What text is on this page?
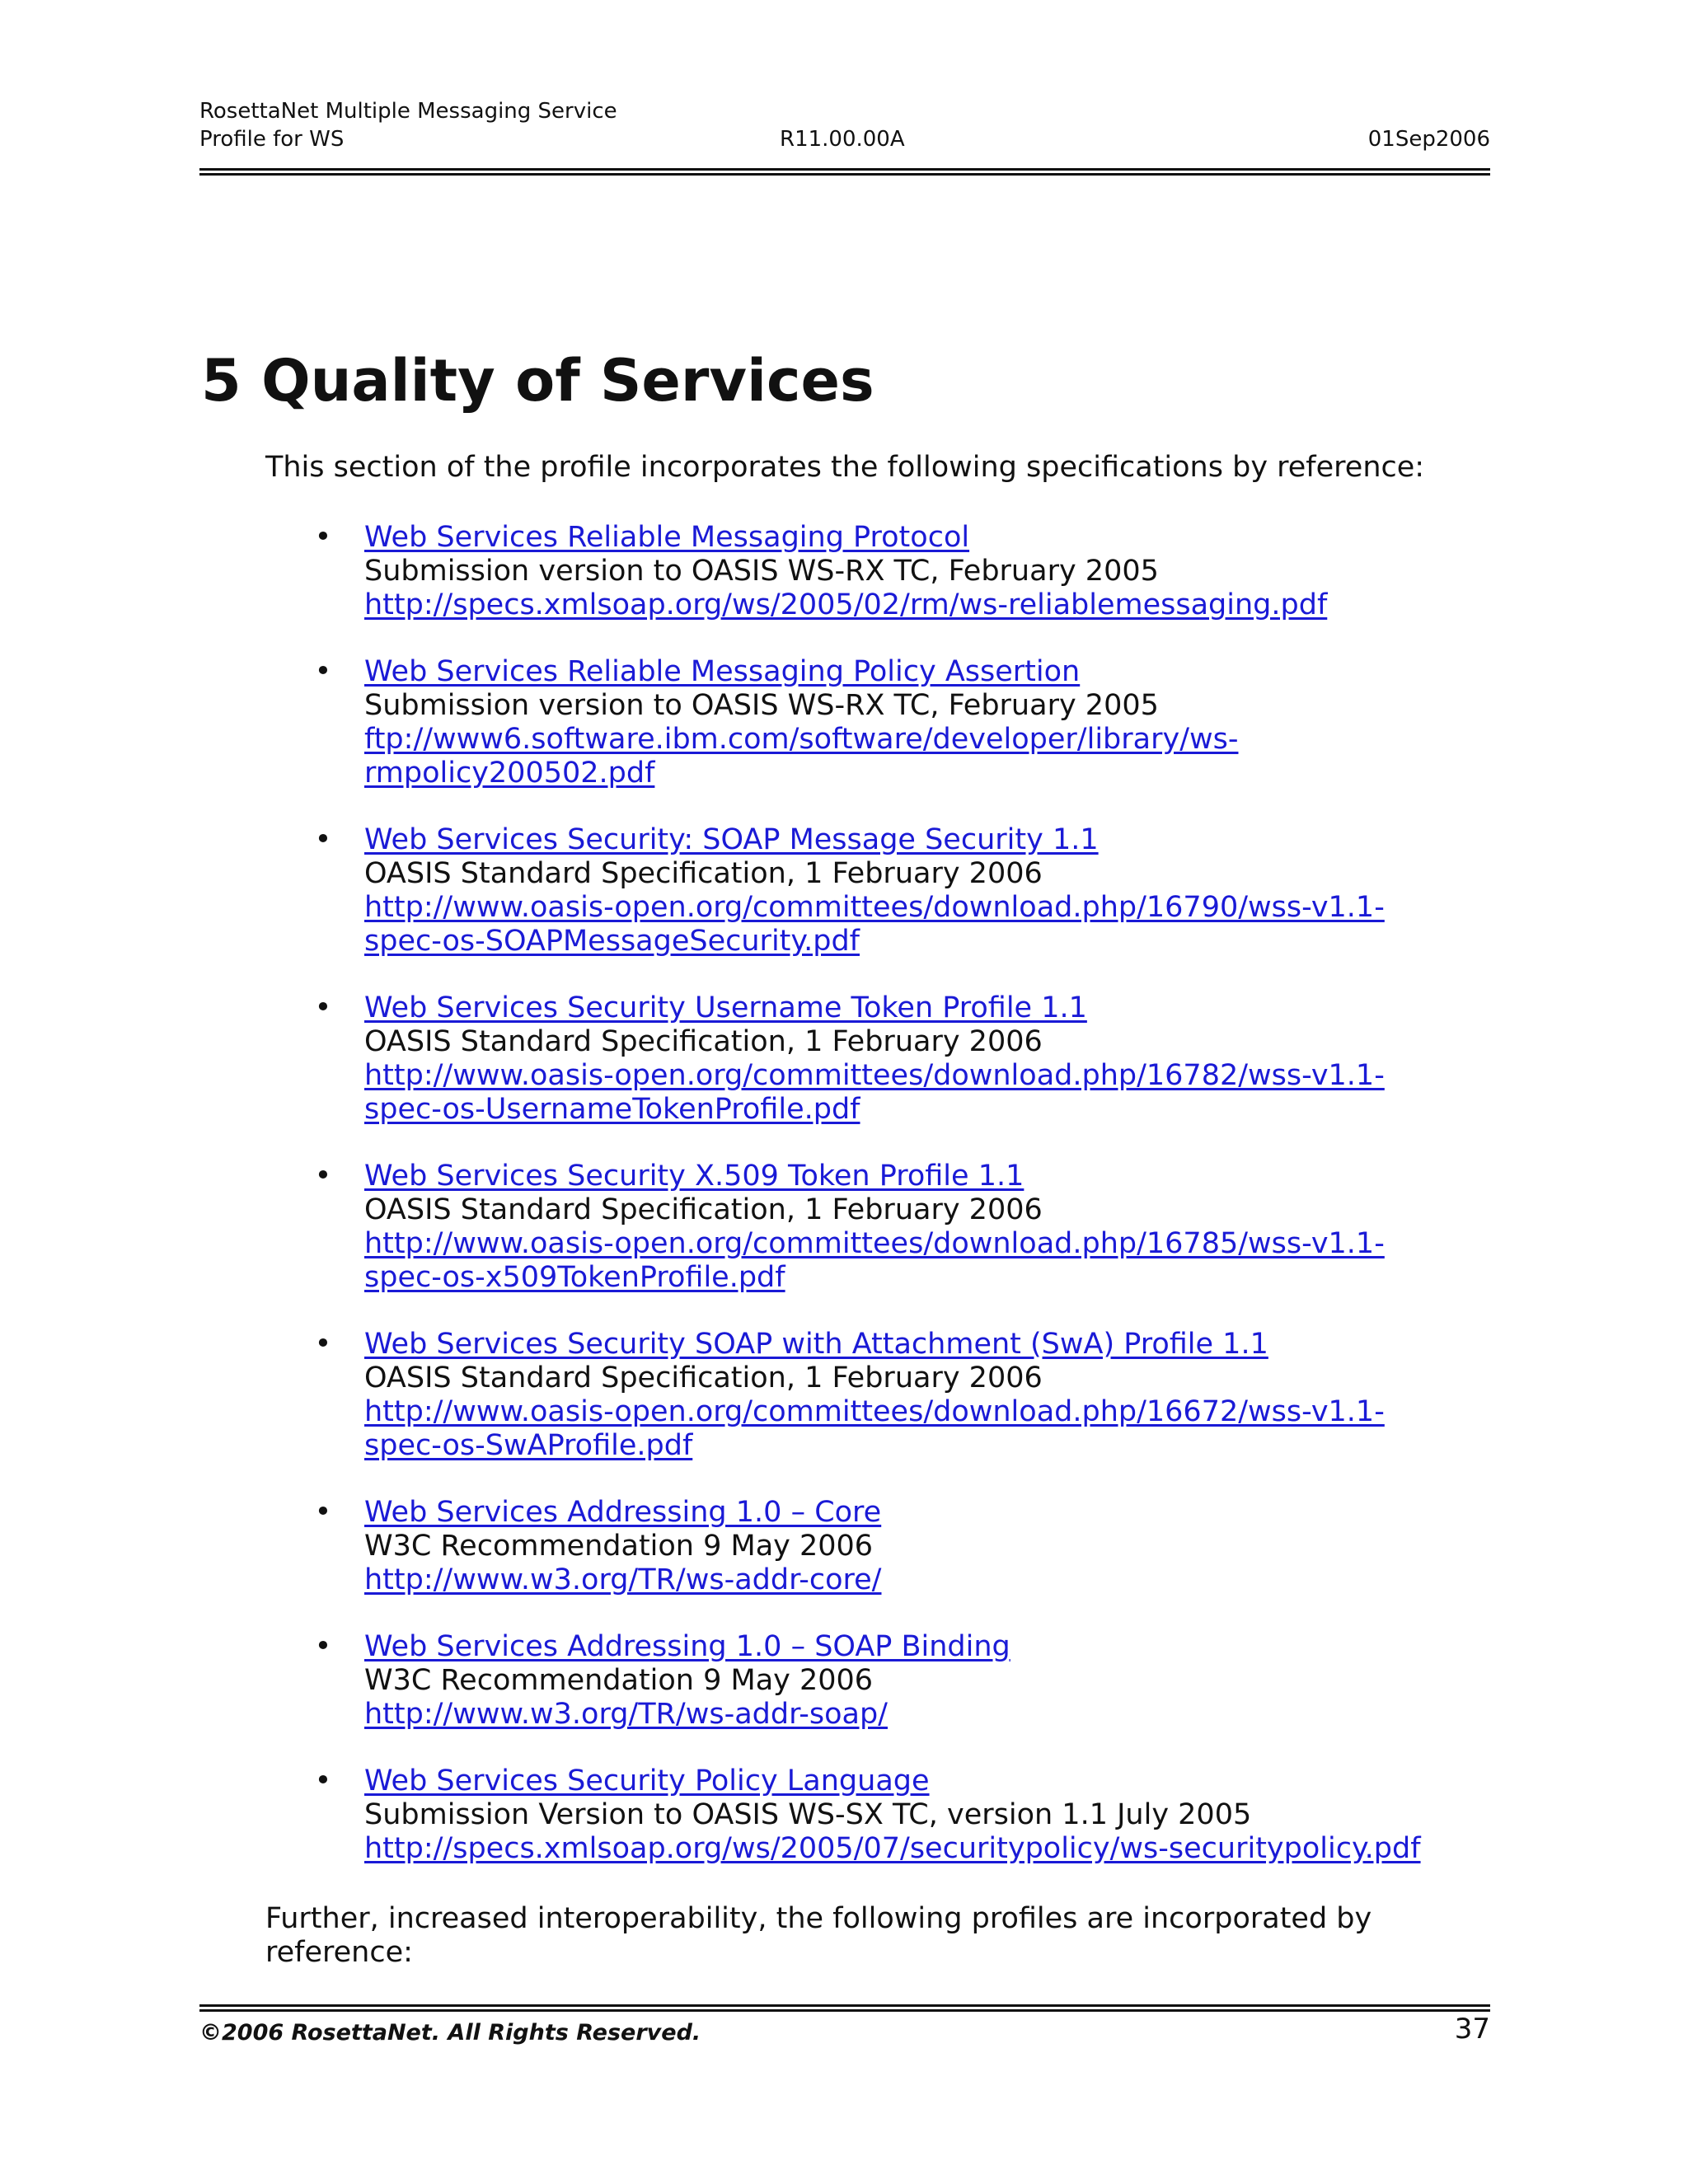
RosettaNet Multiple Messaging Service
Profile for WS	R11.00.00A	01Sep2006
5 Quality of Services

This section of the profile incorporates the following specifications by reference:

• Web Services Reliable Messaging Protocol
Submission version to OASIS WS-RX TC, February 2005
http://specs.xmlsoap.org/ws/2005/02/rm/ws-reliablemessaging.pdf
• Web Services Reliable Messaging Policy Assertion
Submission version to OASIS WS-RX TC, February 2005
ftp://www6.software.ibm.com/software/developer/library/ws-
rmpolicy200502.pdf
• Web Services Security: SOAP Message Security 1.1
OASIS Standard Specification, 1 February 2006
http://www.oasis-open.org/committees/download.php/16790/wss-v1.1-
spec-os-SOAPMessageSecurity.pdf
• Web Services Security Username Token Profile 1.1
OASIS Standard Specification, 1 February 2006
http://www.oasis-open.org/committees/download.php/16782/wss-v1.1-
spec-os-UsernameTokenProfile.pdf
• Web Services Security X.509 Token Profile 1.1
OASIS Standard Specification, 1 February 2006
http://www.oasis-open.org/committees/download.php/16785/wss-v1.1-
spec-os-x509TokenProfile.pdf
• Web Services Security SOAP with Attachment (SwA) Profile 1.1
OASIS Standard Specification, 1 February 2006
http://www.oasis-open.org/committees/download.php/16672/wss-v1.1-
spec-os-SwAProfile.pdf
• Web Services Addressing 1.0 – Core
W3C Recommendation 9 May 2006
http://www.w3.org/TR/ws-addr-core/
• Web Services Addressing 1.0 – SOAP Binding
W3C Recommendation 9 May 2006
http://www.w3.org/TR/ws-addr-soap/
• Web Services Security Policy Language
Submission Version to OASIS WS-SX TC, version 1.1 July 2005
http://specs.xmlsoap.org/ws/2005/07/securitypolicy/ws-securitypolicy.pdf

Further, increased interoperability, the following profiles are incorporated by
reference:

©2006 RosettaNet. All Rights Reserved.	37
